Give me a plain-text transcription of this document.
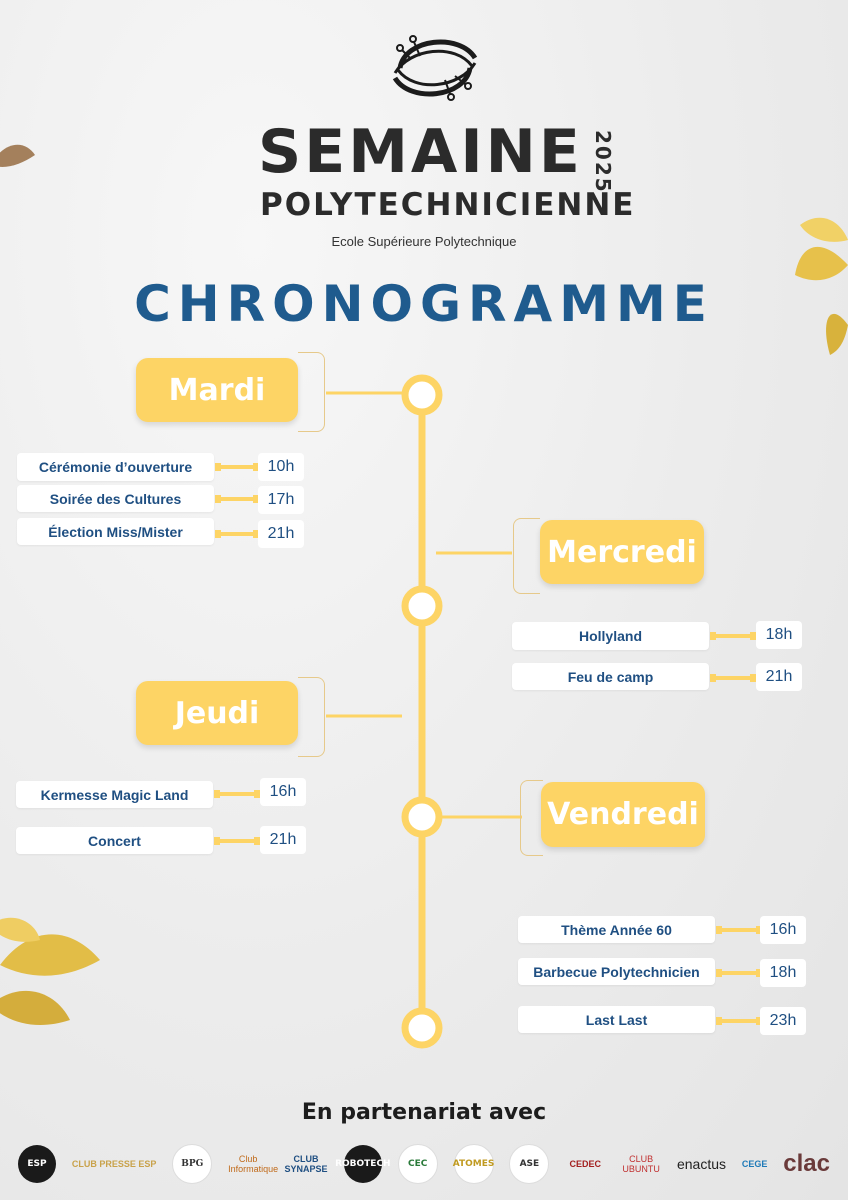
SEMAINE 2025
POLYTECHNICIENNE
Ecole Supérieure Polytechnique
CHRONOGRAMME
Mardi
Cérémonie d’ouverture	10h
Soirée des Cultures	17h
Élection Miss/Mister	21h
Mercredi
Hollyland	18h
Feu de camp	21h
Jeudi
Kermesse Magic Land	16h
Concert	21h
Vendredi
Thème Année 60	16h
Barbecue Polytechnicien	18h
Last Last	23h
En partenariat avec
ESP	CLUB PRESSE ESP	BPG	Club Informatique
CLUB SYNAPSE ROBOTECH	CEC	ATOMES	ASE	CEDEC	CLUB UBUNTU enactus CEGE clac
